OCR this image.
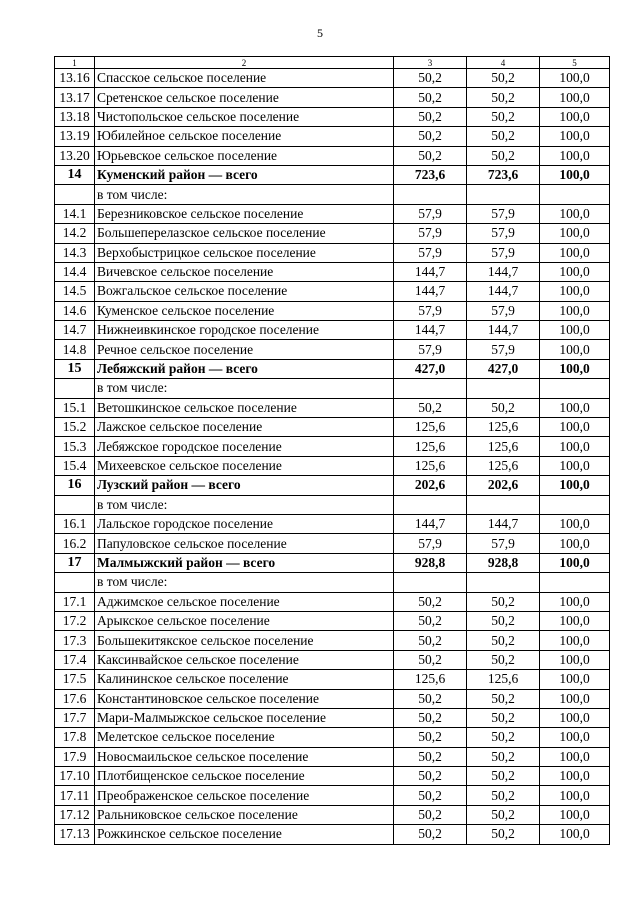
5
1	2	3	4	5
13.16	Спасское сельское поселение	50,2	50,2	100,0
13.17	Сретенское сельское поселение	50,2	50,2	100,0
13.18	Чистопольское сельское поселение	50,2	50,2	100,0
13.19	Юбилейное сельское поселение	50,2	50,2	100,0
13.20	Юрьевское сельское поселение	50,2	50,2	100,0
14	Куменский район — всего	723,6	723,6	100,0
	в том числе:			
14.1	Березниковское сельское поселение	57,9	57,9	100,0
14.2	Большеперелазское сельское поселение	57,9	57,9	100,0
14.3	Верхобыстрицкое сельское поселение	57,9	57,9	100,0
14.4	Вичевское сельское поселение	144,7	144,7	100,0
14.5	Вожгальское сельское поселение	144,7	144,7	100,0
14.6	Куменское сельское поселение	57,9	57,9	100,0
14.7	Нижнеивкинское городское поселение	144,7	144,7	100,0
14.8	Речное сельское поселение	57,9	57,9	100,0
15	Лебяжский район — всего	427,0	427,0	100,0
	в том числе:			
15.1	Ветошкинское сельское поселение	50,2	50,2	100,0
15.2	Лажское сельское поселение	125,6	125,6	100,0
15.3	Лебяжское городское поселение	125,6	125,6	100,0
15.4	Михеевское сельское поселение	125,6	125,6	100,0
16	Лузский район — всего	202,6	202,6	100,0
	в том числе:			
16.1	Лальское городское поселение	144,7	144,7	100,0
16.2	Папуловское сельское поселение	57,9	57,9	100,0
17	Малмыжский район — всего	928,8	928,8	100,0
	в том числе:			
17.1	Аджимское сельское поселение	50,2	50,2	100,0
17.2	Арыкское сельское поселение	50,2	50,2	100,0
17.3	Большекитякское сельское поселение	50,2	50,2	100,0
17.4	Каксинвайское сельское поселение	50,2	50,2	100,0
17.5	Калининское сельское поселение	125,6	125,6	100,0
17.6	Константиновское сельское поселение	50,2	50,2	100,0
17.7	Мари-Малмыжское сельское поселение	50,2	50,2	100,0
17.8	Мелетское сельское поселение	50,2	50,2	100,0
17.9	Новосмаильское сельское поселение	50,2	50,2	100,0
17.10	Плотбищенское сельское поселение	50,2	50,2	100,0
17.11	Преображенское сельское поселение	50,2	50,2	100,0
17.12	Ральниковское сельское поселение	50,2	50,2	100,0
17.13	Рожкинское сельское поселение	50,2	50,2	100,0
